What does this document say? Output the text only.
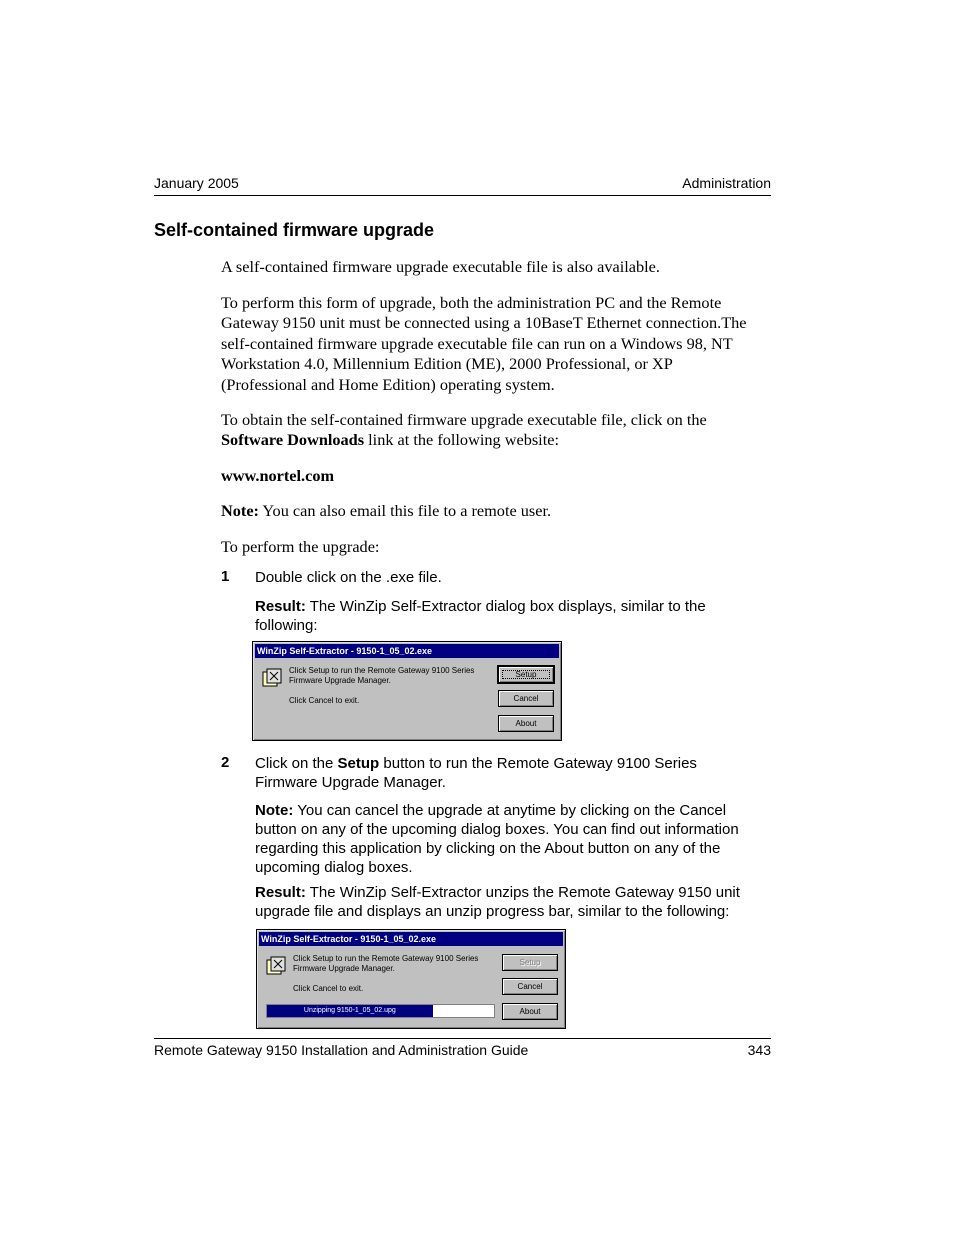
January 2005	Administration
Self-contained firmware upgrade
A self-contained firmware upgrade executable file is also available.
To perform this form of upgrade, both the administration PC and the Remote
Gateway 9150 unit must be connected using a 10BaseT Ethernet connection.The
self-contained firmware upgrade executable file can run on a Windows 98, NT
Workstation 4.0, Millennium Edition (ME), 2000 Professional, or XP
(Professional and Home Edition) operating system.
To obtain the self-contained firmware upgrade executable file, click on the
Software Downloads link at the following website:
www.nortel.com
Note: You can also email this file to a remote user.
To perform the upgrade:
1 Double click on the .exe file.
Result: The WinZip Self-Extractor dialog box displays, similar to the
following:
WinZip Self-Extractor - 9150-1_05_02.exe
Click Setup to run the Remote Gateway 9100 Series
Firmware Upgrade Manager.
Click Cancel to exit.
Setup
Cancel
About
2 Click on the Setup button to run the Remote Gateway 9100 Series
Firmware Upgrade Manager.
Note: You can cancel the upgrade at anytime by clicking on the Cancel
button on any of the upcoming dialog boxes. You can find out information
regarding this application by clicking on the About button on any of the
upcoming dialog boxes.
Result: The WinZip Self-Extractor unzips the Remote Gateway 9150 unit
upgrade file and displays an unzip progress bar, similar to the following:
WinZip Self-Extractor - 9150-1_05_02.exe
Click Setup to run the Remote Gateway 9100 Series
Firmware Upgrade Manager.
Click Cancel to exit.
Setup
Cancel
About
Unzipping 9150-1_05_02.upg
Remote Gateway 9150 Installation and Administration Guide	343
